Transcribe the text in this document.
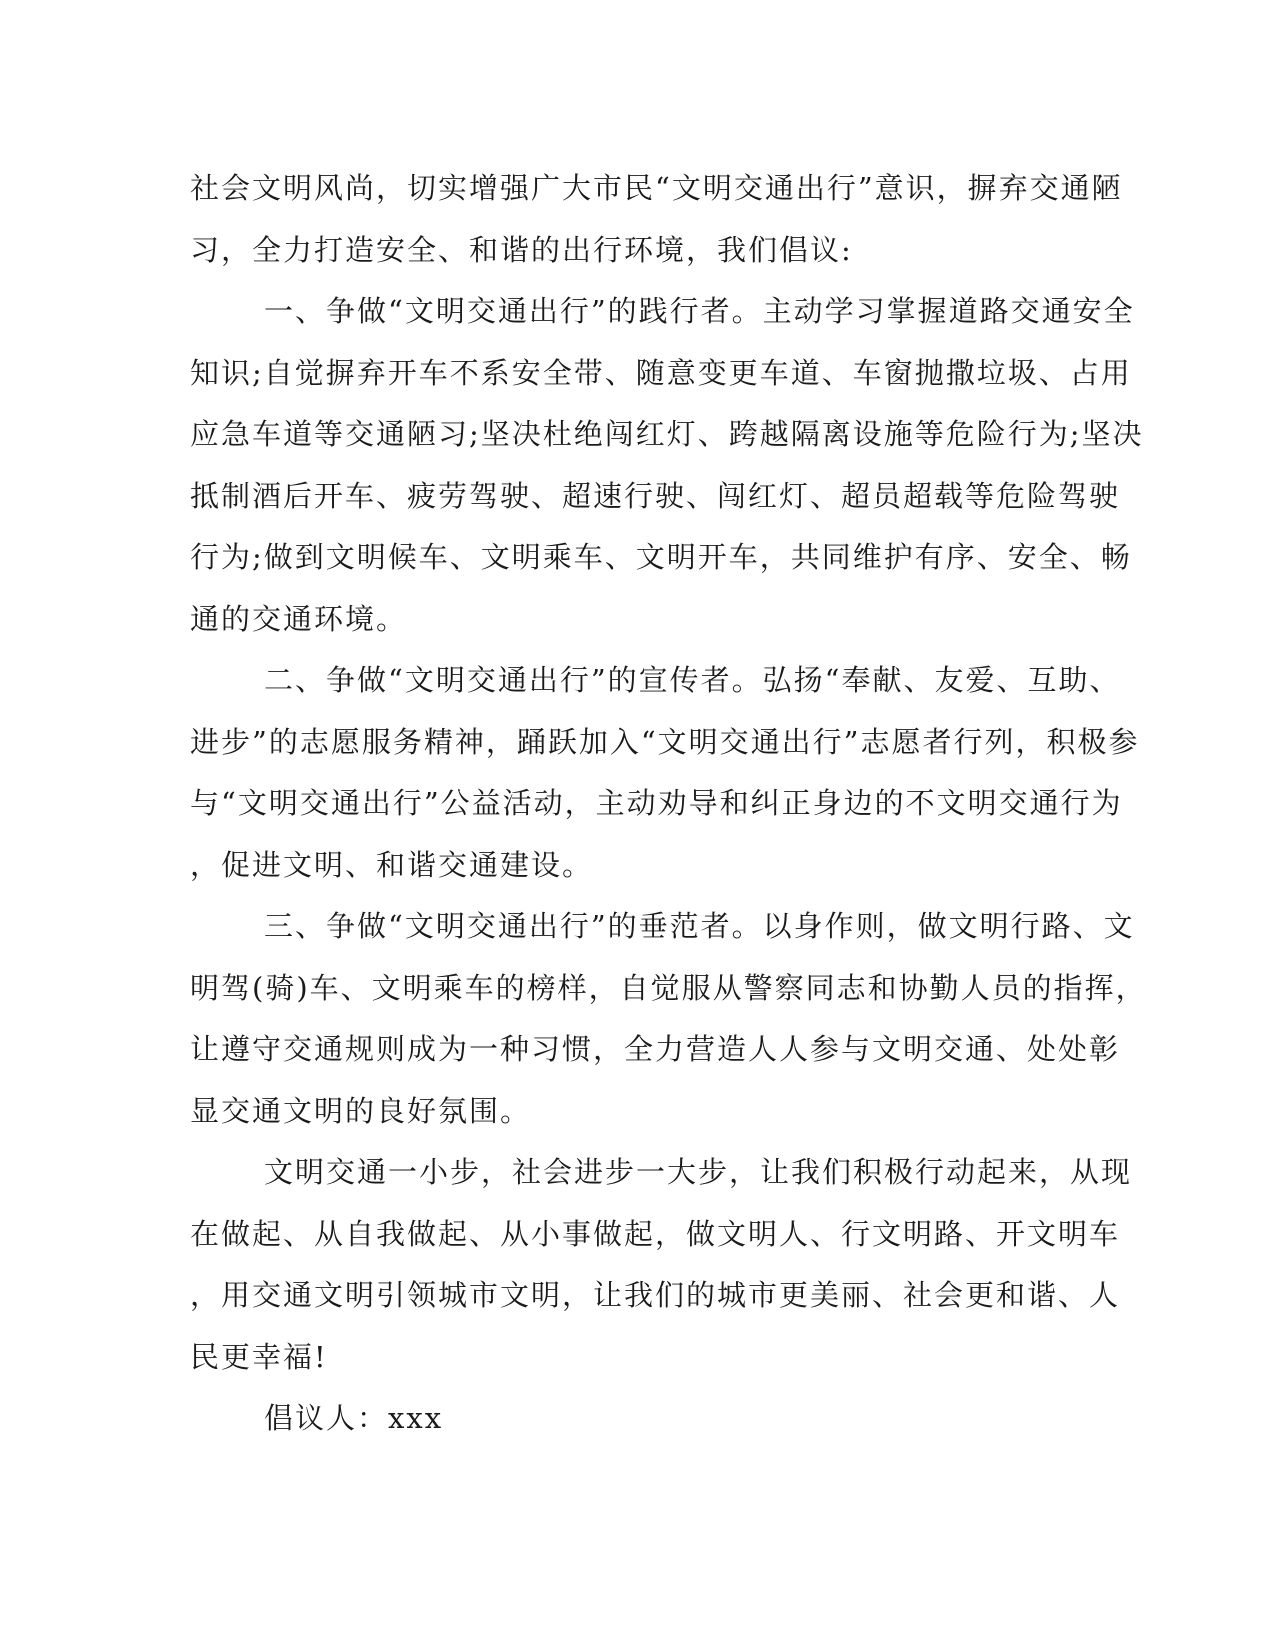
社会文明风尚，切实增强广大市民“文明交通出行”意识，摒弃交通陋
习，全力打造安全、和谐的出行环境，我们倡议:

一、争做“文明交通出行”的践行者。主动学习掌握道路交通安全
知识;自觉摒弃开车不系安全带、随意变更车道、车窗抛撒垃圾、占用
应急车道等交通陋习;坚决杜绝闯红灯、跨越隔离设施等危险行为;坚决
抵制酒后开车、疲劳驾驶、超速行驶、闯红灯、超员超载等危险驾驶
行为;做到文明候车、文明乘车、文明开车，共同维护有序、安全、畅
通的交通环境。

二、争做“文明交通出行”的宣传者。弘扬“奉献、友爱、互助、
进步”的志愿服务精神，踊跃加入“文明交通出行”志愿者行列，积极参
与“文明交通出行”公益活动，主动劝导和纠正身边的不文明交通行为
，促进文明、和谐交通建设。

三、争做“文明交通出行”的垂范者。以身作则，做文明行路、文
明驾(骑)车、文明乘车的榜样，自觉服从警察同志和协勤人员的指挥，
让遵守交通规则成为一种习惯，全力营造人人参与文明交通、处处彰
显交通文明的良好氛围。

文明交通一小步，社会进步一大步，让我们积极行动起来，从现
在做起、从自我做起、从小事做起，做文明人、行文明路、开文明车
，用交通文明引领城市文明，让我们的城市更美丽、社会更和谐、人
民更幸福!

倡议人：xxx
